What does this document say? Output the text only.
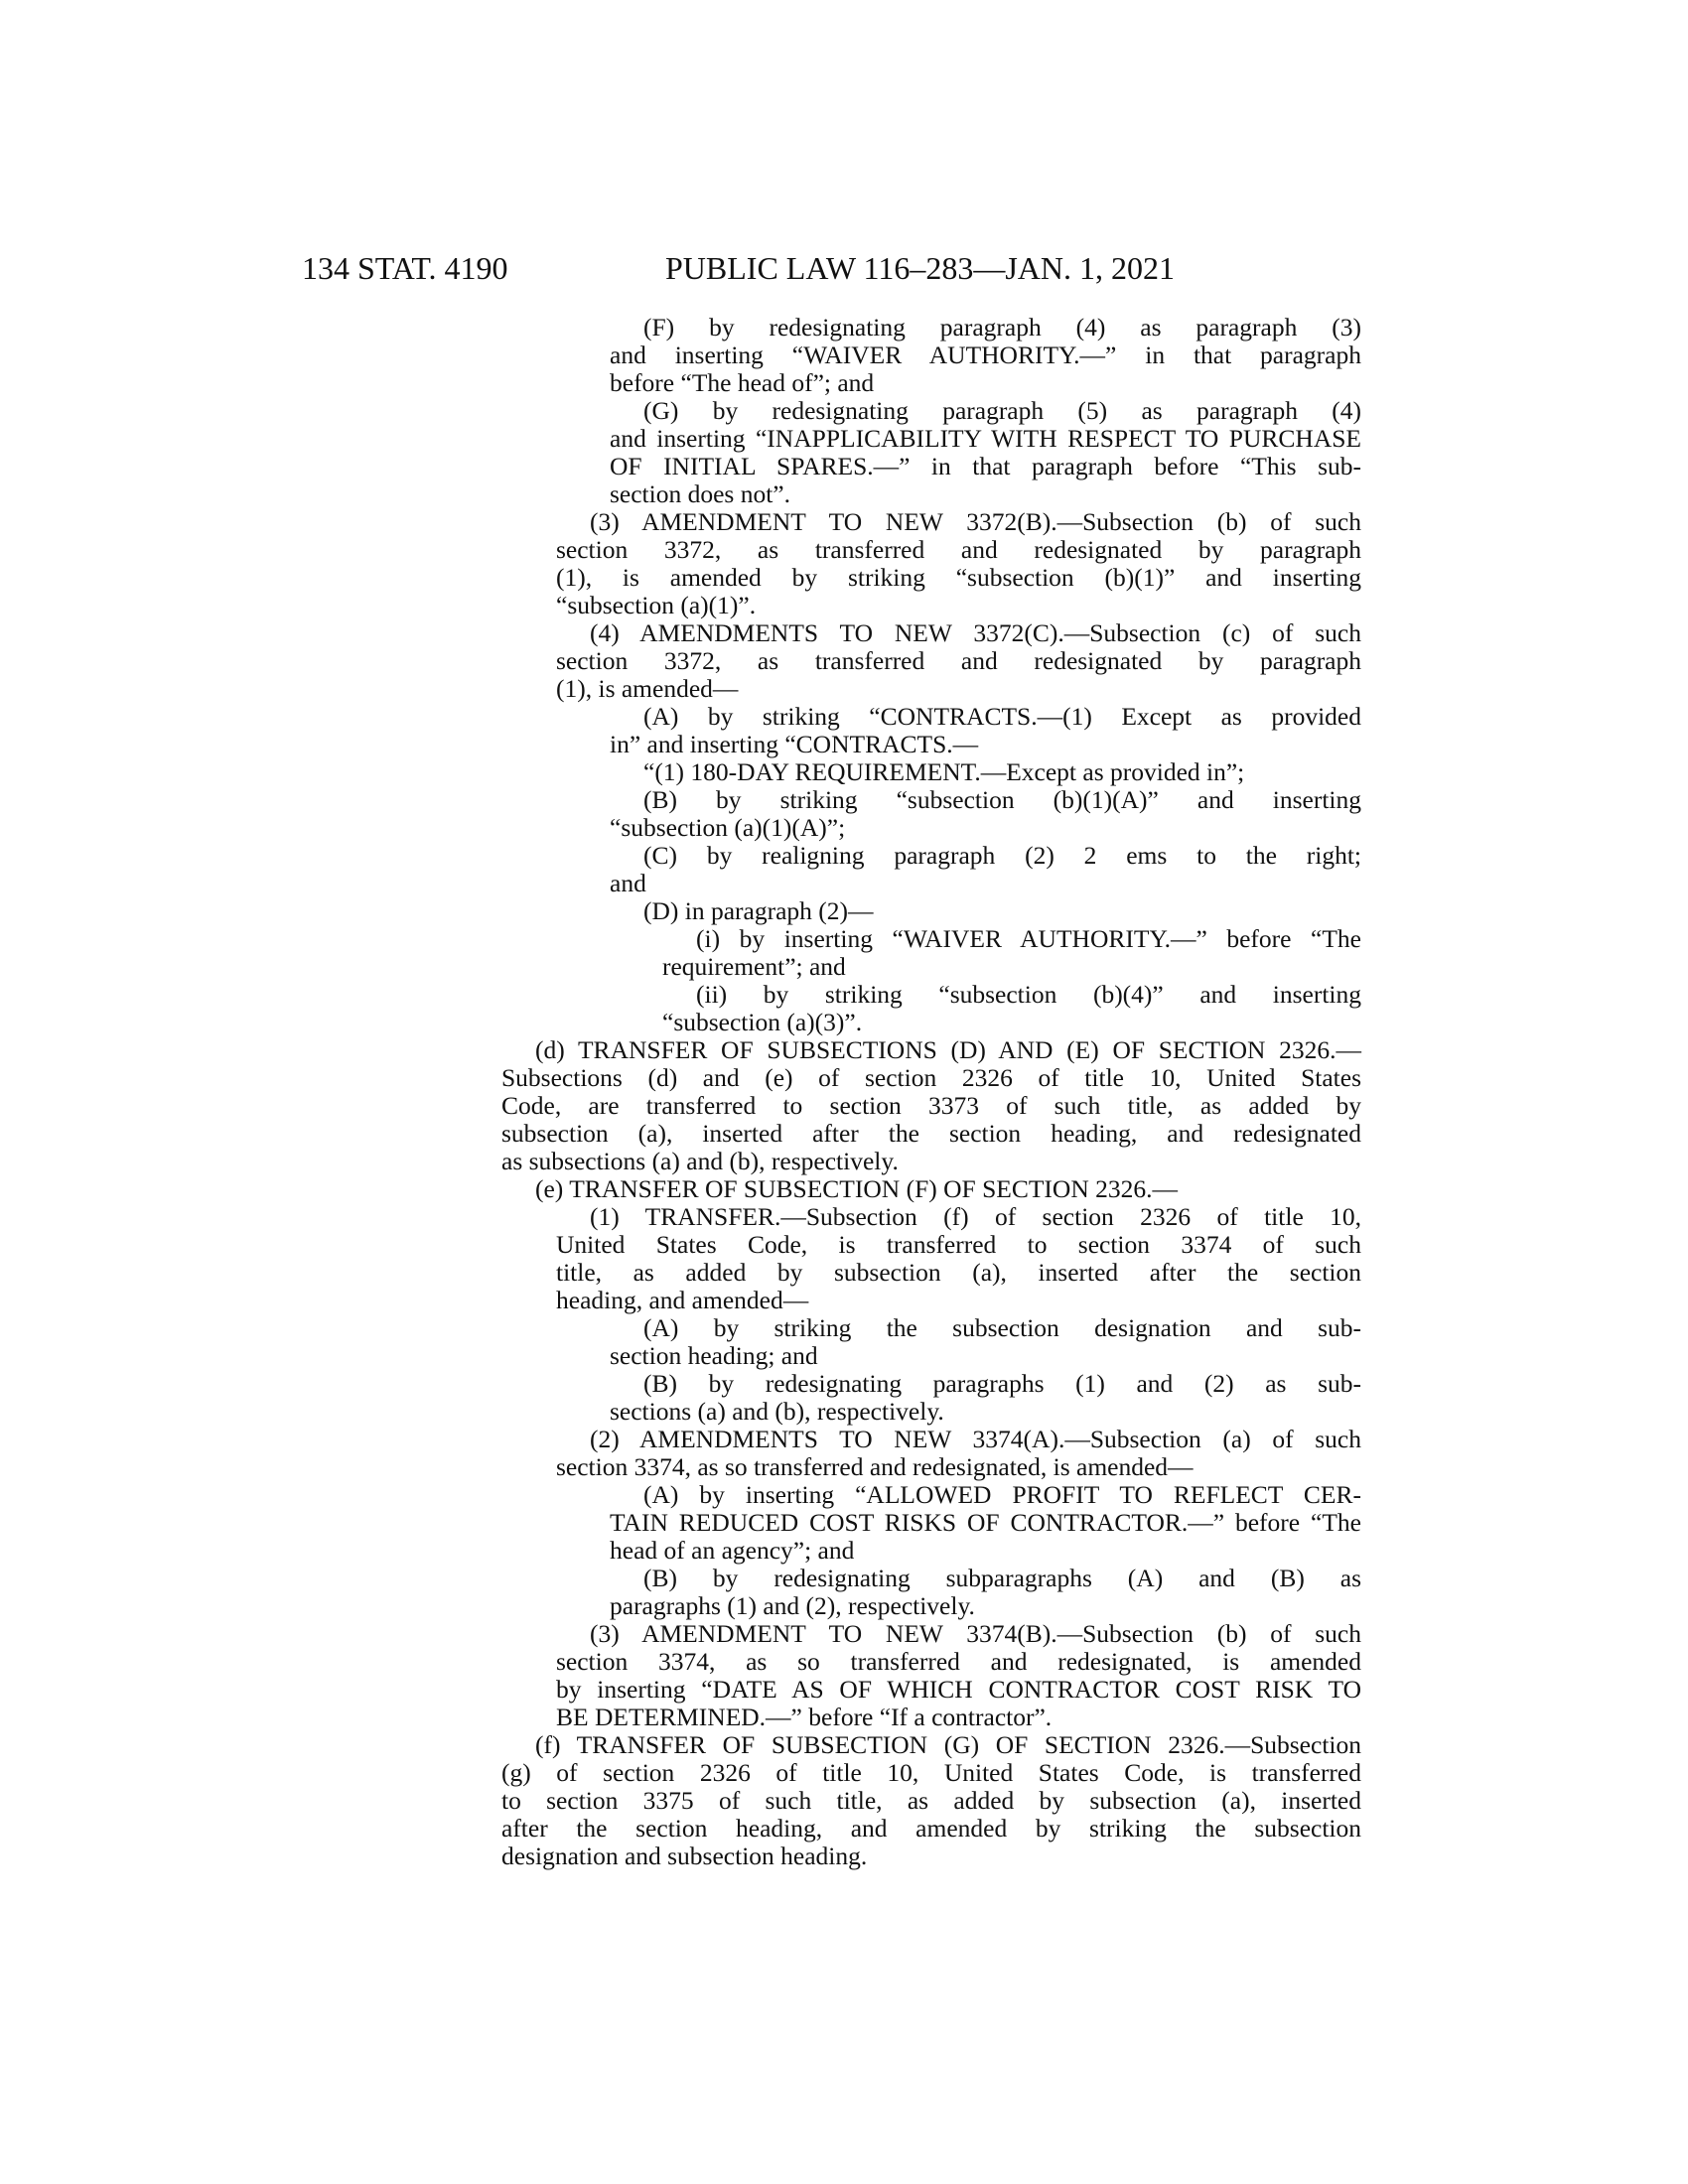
134 STAT. 4190	PUBLIC LAW 116–283—JAN. 1, 2021
(F) by redesignating paragraph (4) as paragraph (3)
and inserting “WAIVER AUTHORITY.—” in that paragraph
before “The head of”; and
(G) by redesignating paragraph (5) as paragraph (4)
and inserting “INAPPLICABILITY WITH RESPECT TO PURCHASE
OF INITIAL SPARES.—” in that paragraph before “This sub-
section does not”.
(3) AMENDMENT TO NEW 3372(B).—Subsection (b) of such
section 3372, as transferred and redesignated by paragraph
(1), is amended by striking “subsection (b)(1)” and inserting
“subsection (a)(1)”.
(4) AMENDMENTS TO NEW 3372(C).—Subsection (c) of such
section 3372, as transferred and redesignated by paragraph
(1), is amended—
(A) by striking “CONTRACTS.—(1) Except as provided
in” and inserting “CONTRACTS.—
“(1) 180-DAY REQUIREMENT.—Except as provided in”;
(B) by striking “subsection (b)(1)(A)” and inserting
“subsection (a)(1)(A)”;
(C) by realigning paragraph (2) 2 ems to the right;
and
(D) in paragraph (2)—
(i) by inserting “WAIVER AUTHORITY.—” before “The
requirement”; and
(ii) by striking “subsection (b)(4)” and inserting
“subsection (a)(3)”.
(d) TRANSFER OF SUBSECTIONS (D) AND (E) OF SECTION 2326.—
Subsections (d) and (e) of section 2326 of title 10, United States
Code, are transferred to section 3373 of such title, as added by
subsection (a), inserted after the section heading, and redesignated
as subsections (a) and (b), respectively.
(e) TRANSFER OF SUBSECTION (F) OF SECTION 2326.—
(1) TRANSFER.—Subsection (f) of section 2326 of title 10,
United States Code, is transferred to section 3374 of such
title, as added by subsection (a), inserted after the section
heading, and amended—
(A) by striking the subsection designation and sub-
section heading; and
(B) by redesignating paragraphs (1) and (2) as sub-
sections (a) and (b), respectively.
(2) AMENDMENTS TO NEW 3374(A).—Subsection (a) of such
section 3374, as so transferred and redesignated, is amended—
(A) by inserting “ALLOWED PROFIT TO REFLECT CER-
TAIN REDUCED COST RISKS OF CONTRACTOR.—” before “The
head of an agency”; and
(B) by redesignating subparagraphs (A) and (B) as
paragraphs (1) and (2), respectively.
(3) AMENDMENT TO NEW 3374(B).—Subsection (b) of such
section 3374, as so transferred and redesignated, is amended
by inserting “DATE AS OF WHICH CONTRACTOR COST RISK TO
BE DETERMINED.—” before “If a contractor”.
(f) TRANSFER OF SUBSECTION (G) OF SECTION 2326.—Subsection
(g) of section 2326 of title 10, United States Code, is transferred
to section 3375 of such title, as added by subsection (a), inserted
after the section heading, and amended by striking the subsection
designation and subsection heading.
